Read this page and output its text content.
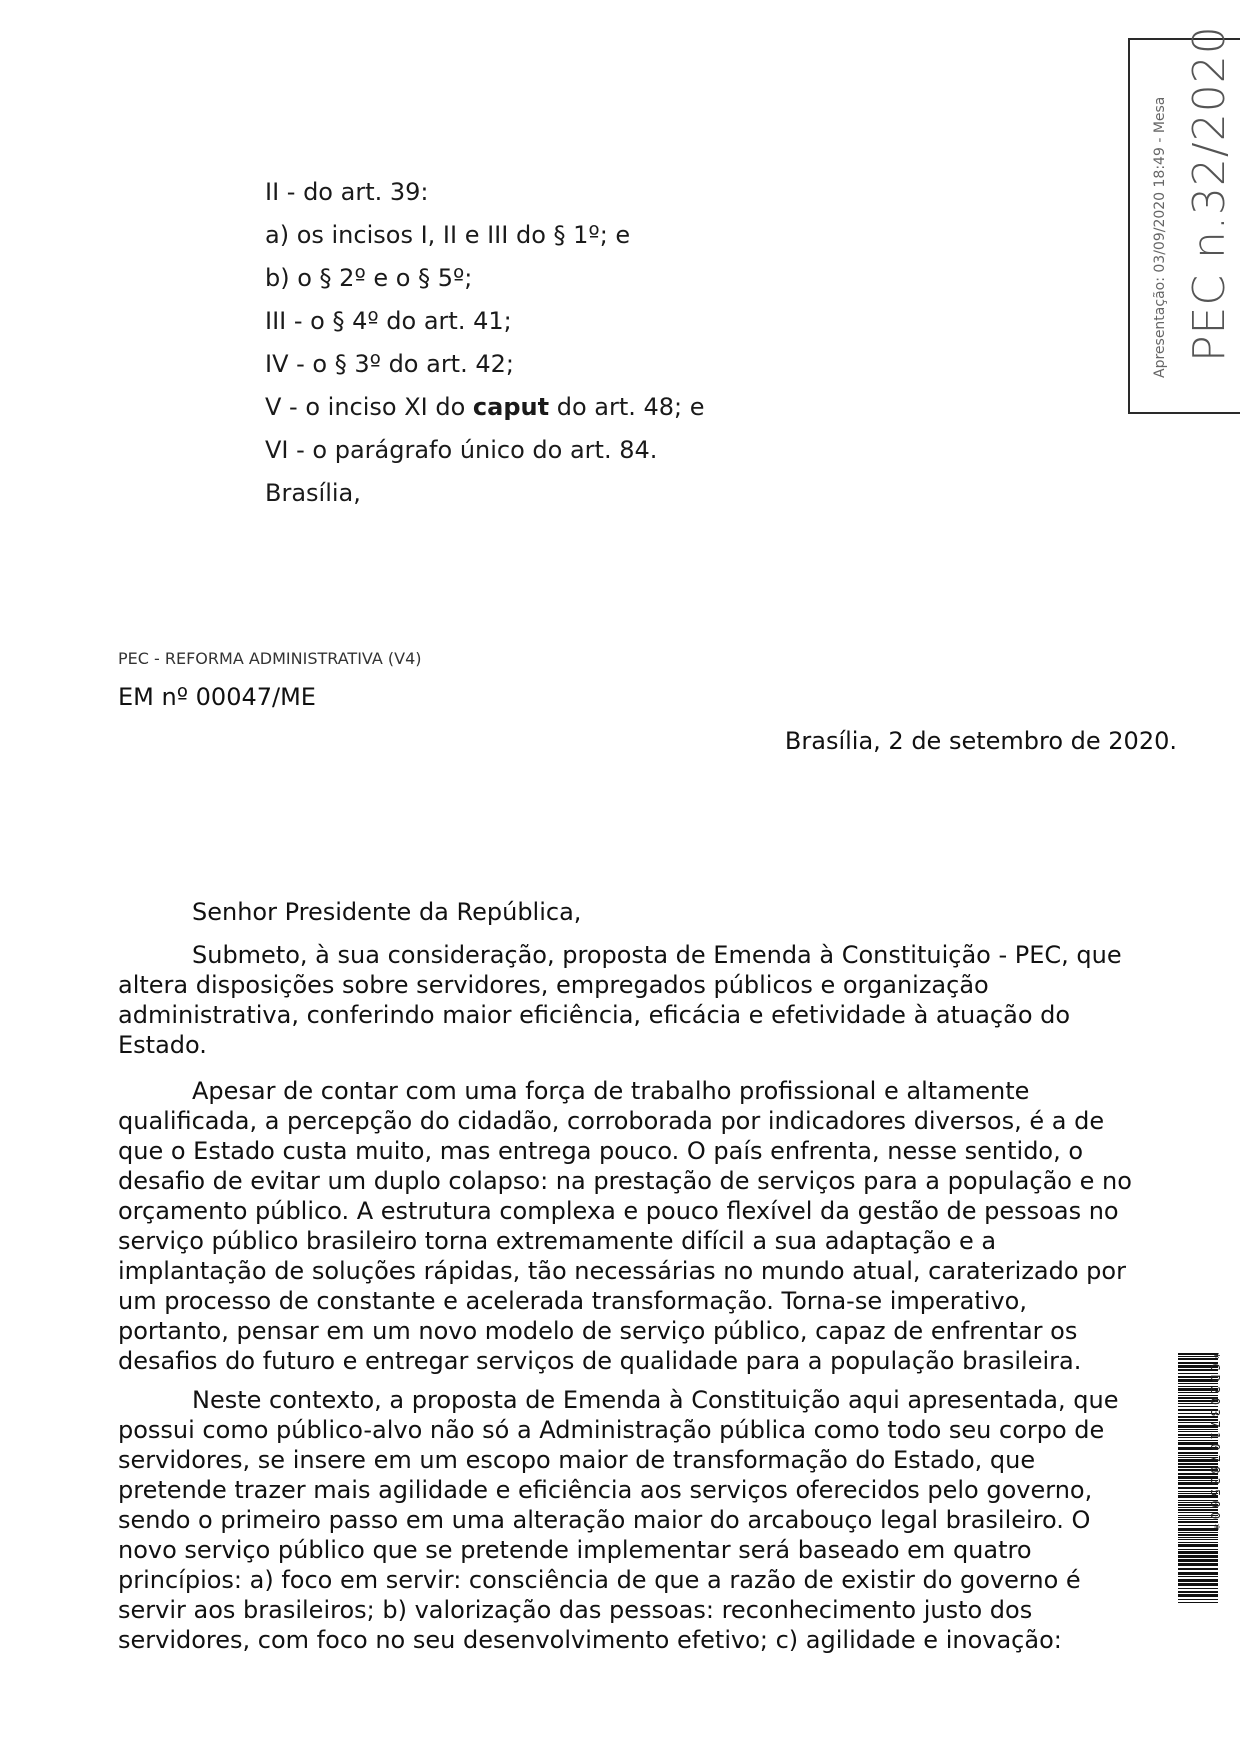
Apresentação: 03/09/2020 18:49 - Mesa PEC n.32/2020
II - do art. 39:
a) os incisos I, II e III do § 1º; e
b) o § 2º e o § 5º;
III - o § 4º do art. 41;
IV - o § 3º do art. 42;
V - o inciso XI do caput do art. 48; e
VI - o parágrafo único do art. 84.
Brasília,
PEC - REFORMA ADMINISTRATIVA (V4)
EM nº 00047/ME
Brasília, 2 de setembro de 2020.

Senhor Presidente da República,

Submeto, à sua consideração, proposta de Emenda à Constituição - PEC, que

altera disposições sobre servidores, empregados públicos e organização

administrativa, conferindo maior eficiência, eficácia e efetividade à atuação do

Estado.

Apesar de contar com uma força de trabalho profissional e altamente

qualificada, a percepção do cidadão, corroborada por indicadores diversos, é a de

que o Estado custa muito, mas entrega pouco. O país enfrenta, nesse sentido, o

desafio de evitar um duplo colapso: na prestação de serviços para a população e no

orçamento público. A estrutura complexa e pouco flexível da gestão de pessoas no

serviço público brasileiro torna extremamente difícil a sua adaptação e a

implantação de soluções rápidas, tão necessárias no mundo atual, caraterizado por

um processo de constante e acelerada transformação. Torna-se imperativo,

portanto, pensar em um novo modelo de serviço público, capaz de enfrentar os

desafios do futuro e entregar serviços de qualidade para a população brasileira.

Neste contexto, a proposta de Emenda à Constituição aqui apresentada, que

possui como público-alvo não só a Administração pública como todo seu corpo de

servidores, se insere em um escopo maior de transformação do Estado, que

pretende trazer mais agilidade e eficiência aos serviços oferecidos pelo governo,

sendo o primeiro passo em uma alteração maior do arcabouço legal brasileiro. O

novo serviço público que se pretende implementar será baseado em quatro

princípios: a) foco em servir: consciência de que a razão de existir do governo é

servir aos brasileiros; b) valorização das pessoas: reconhecimento justo dos

servidores, com foco no seu desenvolvimento efetivo; c) agilidade e inovação:

*CD203710783500*
